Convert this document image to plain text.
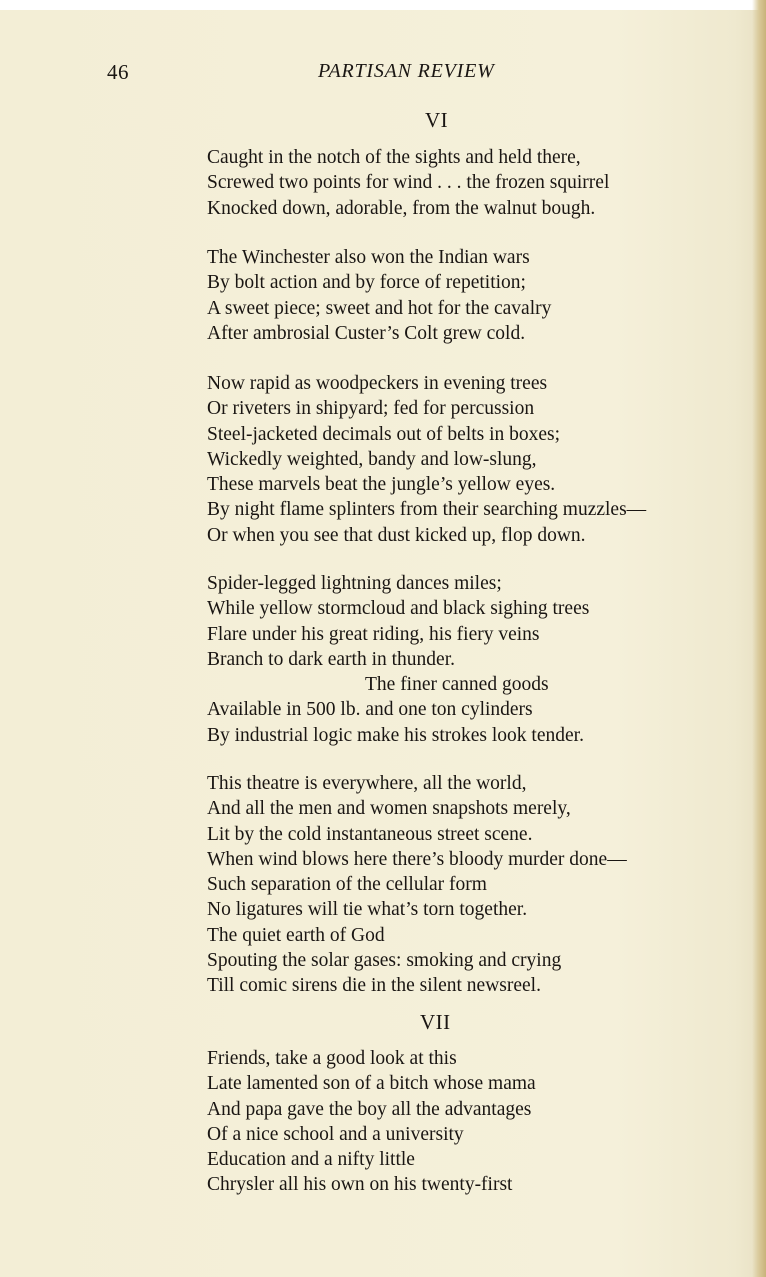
46	PARTISAN REVIEW
VI
Caught in the notch of the sights and held there,
Screwed two points for wind . . . the frozen squirrel
Knocked down, adorable, from the walnut bough.
The Winchester also won the Indian wars
By bolt action and by force of repetition;
A sweet piece; sweet and hot for the cavalry
After ambrosial Custer’s Colt grew cold.
Now rapid as woodpeckers in evening trees
Or riveters in shipyard; fed for percussion
Steel-jacketed decimals out of belts in boxes;
Wickedly weighted, bandy and low-slung,
These marvels beat the jungle’s yellow eyes.
By night flame splinters from their searching muzzles—
Or when you see that dust kicked up, flop down.
Spider-legged lightning dances miles;
While yellow stormcloud and black sighing trees
Flare under his great riding, his fiery veins
Branch to dark earth in thunder.
The finer canned goods
Available in 500 lb. and one ton cylinders
By industrial logic make his strokes look tender.
This theatre is everywhere, all the world,
And all the men and women snapshots merely,
Lit by the cold instantaneous street scene.
When wind blows here there’s bloody murder done—
Such separation of the cellular form
No ligatures will tie what’s torn together.
The quiet earth of God
Spouting the solar gases: smoking and crying
Till comic sirens die in the silent newsreel.
VII
Friends, take a good look at this
Late lamented son of a bitch whose mama
And papa gave the boy all the advantages
Of a nice school and a university
Education and a nifty little
Chrysler all his own on his twenty-first
